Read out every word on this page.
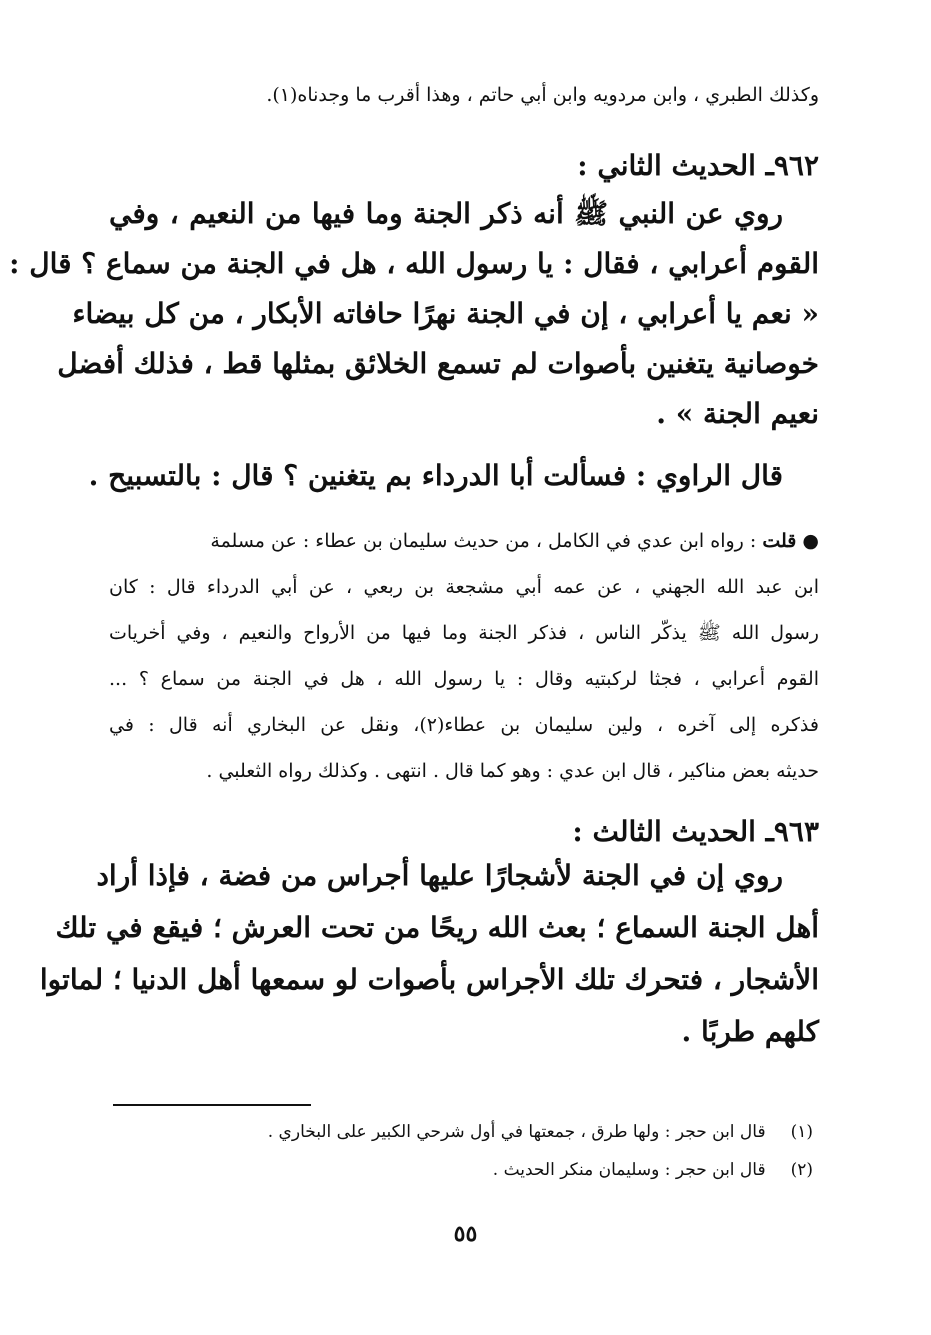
وكذلك الطبري ، وابن مردويه وابن أبي حاتم ، وهذا أقرب ما وجدناه(١).

٩٦٢ـ الحديث الثاني :

روي عن النبي ﷺ أنه ذكر الجنة وما فيها من النعيم ، وفي

القوم أعرابي ، فقال : يا رسول الله ، هل في الجنة من سماع ؟ قال :

« نعم يا أعرابي ، إن في الجنة نهرًا حافاته الأبكار ، من كل بيضاء

خوصانية يتغنين بأصوات لم تسمع الخلائق بمثلها قط ، فذلك أفضل

نعيم الجنة » .

قال الراوي : فسألت أبا الدرداء بم يتغنين ؟ قال : بالتسبيح .

● قلت : رواه ابن عدي في الكامل ، من حديث سليمان بن عطاء : عن مسلمة

ابن عبد الله الجهني ، عن عمه أبي مشجعة بن ربعي ، عن أبي الدرداء قال : كان

رسول الله ﷺ يذكّر الناس ، فذكر الجنة وما فيها من الأرواح والنعيم ، وفي أخريات

القوم أعرابي ، فجثا لركبتيه وقال : يا رسول الله ، هل في الجنة من سماع ؟ ...

فذكره إلى آخره ، ولين سليمان بن عطاء(٢)، ونقل عن البخاري أنه قال : في

حديثه بعض مناكير ، قال ابن عدي : وهو كما قال . انتهى . وكذلك رواه الثعلبي .

٩٦٣ـ الحديث الثالث :

روي إن في الجنة لأشجارًا عليها أجراس من فضة ، فإذا أراد

أهل الجنة السماع ؛ بعث الله ريحًا من تحت العرش ؛ فيقع في تلك

الأشجار ، فتحرك تلك الأجراس بأصوات لو سمعها أهل الدنيا ؛ لماتوا

كلهم طربًا .

(١) قال ابن حجر : ولها طرق ، جمعتها في أول شرحي الكبير على البخاري .

(٢) قال ابن حجر : وسليمان منكر الحديث .

٥٥
